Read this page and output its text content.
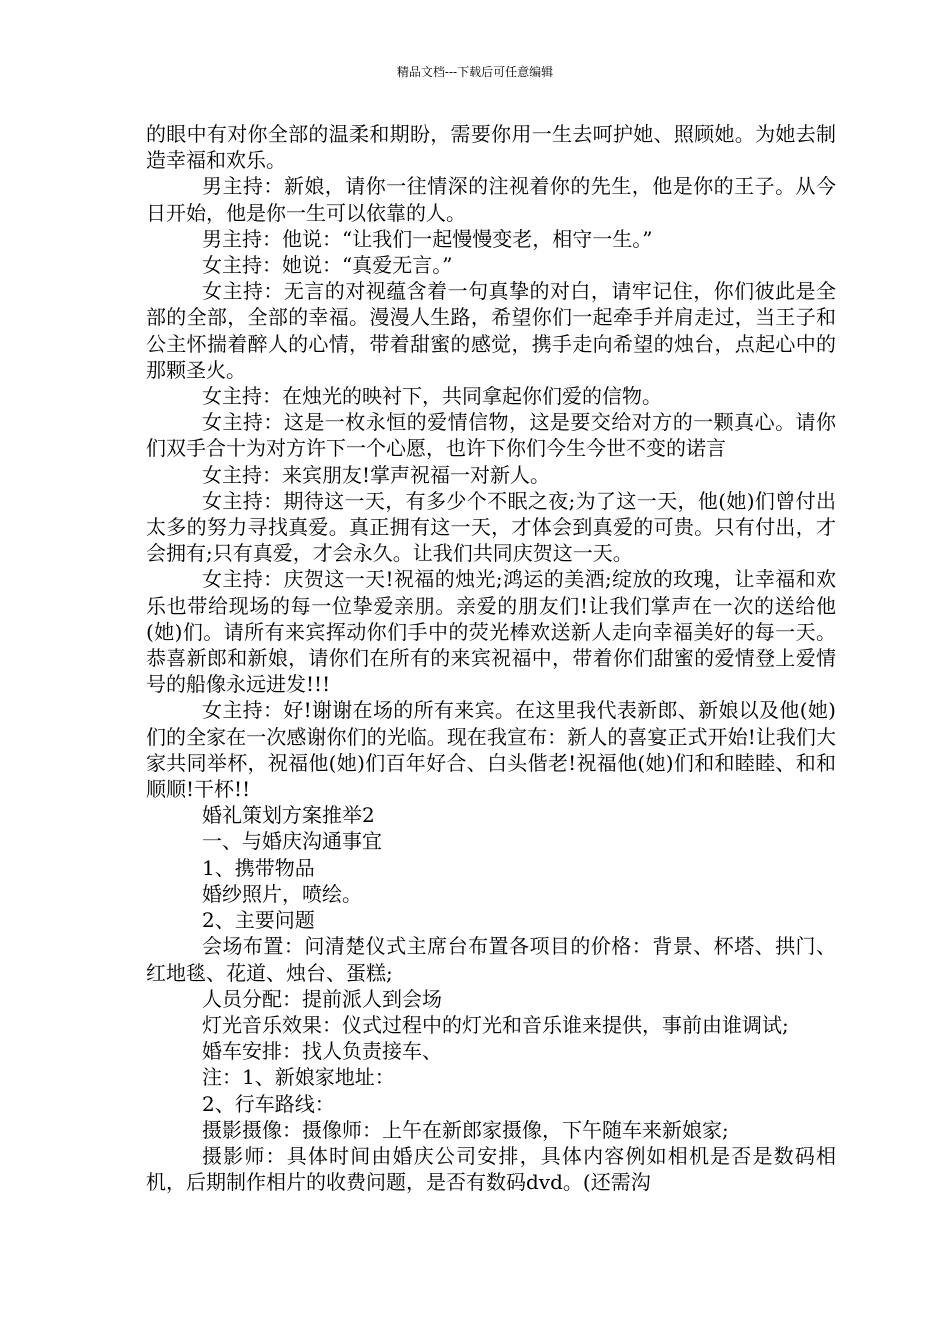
精品文档---下载后可任意编辑

的眼中有对你全部的温柔和期盼，需要你用一生去呵护她、照顾她。为她去制造幸福和欢乐。

男主持：新娘，请你一往情深的注视着你的先生，他是你的王子。从今日开始，他是你一生可以依靠的人。

男主持：他说：“让我们一起慢慢变老，相守一生。”

女主持：她说：“真爱无言。”

女主持：无言的对视蕴含着一句真挚的对白，请牢记住，你们彼此是全部的全部，全部的幸福。漫漫人生路，希望你们一起牵手并肩走过，当王子和公主怀揣着醉人的心情，带着甜蜜的感觉，携手走向希望的烛台，点起心中的那颗圣火。

女主持：在烛光的映衬下，共同拿起你们爱的信物。

女主持：这是一枚永恒的爱情信物，这是要交给对方的一颗真心。请你们双手合十为对方许下一个心愿，也许下你们今生今世不变的诺言

女主持：来宾朋友!掌声祝福一对新人。

女主持：期待这一天，有多少个不眠之夜;为了这一天，他(她)们曾付出太多的努力寻找真爱。真正拥有这一天，才体会到真爱的可贵。只有付出，才会拥有;只有真爱，才会永久。让我们共同庆贺这一天。

女主持：庆贺这一天!祝福的烛光;鸿运的美酒;绽放的玫瑰，让幸福和欢乐也带给现场的每一位挚爱亲朋。亲爱的朋友们!让我们掌声在一次的送给他(她)们。请所有来宾挥动你们手中的荧光棒欢送新人走向幸福美好的每一天。恭喜新郎和新娘，请你们在所有的来宾祝福中，带着你们甜蜜的爱情登上爱情号的船像永远进发!!!

女主持：好!谢谢在场的所有来宾。在这里我代表新郎、新娘以及他(她)们的全家在一次感谢你们的光临。现在我宣布：新人的喜宴正式开始!让我们大家共同举杯，祝福他(她)们百年好合、白头偕老!祝福他(她)们和和睦睦、和和顺顺!干杯!!

婚礼策划方案推举2

一、与婚庆沟通事宜

1、携带物品

婚纱照片，喷绘。

2、主要问题

会场布置：问清楚仪式主席台布置各项目的价格：背景、杯塔、拱门、红地毯、花道、烛台、蛋糕;

人员分配：提前派人到会场

灯光音乐效果：仪式过程中的灯光和音乐谁来提供，事前由谁调试;

婚车安排：找人负责接车、

注：1、新娘家地址：

2、行车路线：

摄影摄像：摄像师：上午在新郎家摄像，下午随车来新娘家;

摄影师：具体时间由婚庆公司安排，具体内容例如相机是否是数码相机，后期制作相片的收费问题，是否有数码dvd。(还需沟
